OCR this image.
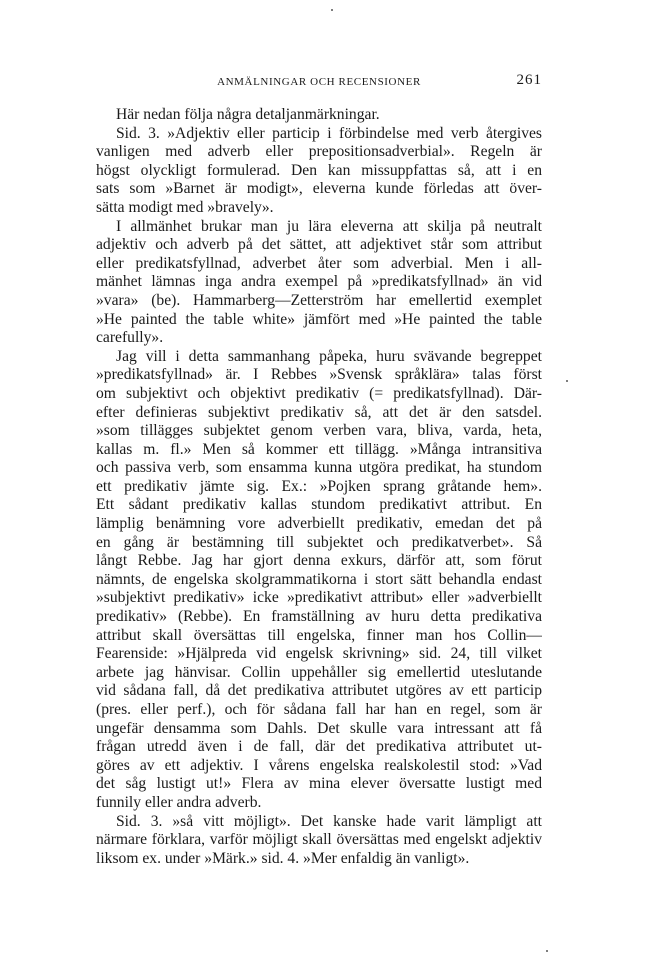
ANMÄLNINGAR OCH RECENSIONER	261

Här nedan följa några detaljanmärkningar.

Sid. 3. »Adjektiv eller particip i förbindelse med verb återgives
vanligen med adverb eller prepositionsadverbial». Regeln är
högst olyckligt formulerad. Den kan missuppfattas så, att i en
sats som »Barnet är modigt», eleverna kunde förledas att över-
sätta modigt med »bravely».

I allmänhet brukar man ju lära eleverna att skilja på neutralt
adjektiv och adverb på det sättet, att adjektivet står som attribut
eller predikatsfyllnad, adverbet åter som adverbial. Men i all-
mänhet lämnas inga andra exempel på »predikatsfyllnad» än vid
»vara» (be). Hammarberg—Zetterström har emellertid exemplet
»He painted the table white» jämfört med »He painted the table
carefully».

Jag vill i detta sammanhang påpeka, huru svävande begreppet
»predikatsfyllnad» är. I Rebbes »Svensk språklära» talas först
om subjektivt och objektivt predikativ (= predikatsfyllnad). Där-
efter definieras subjektivt predikativ så, att det är den satsdel.
»som tillägges subjektet genom verben vara, bliva, varda, heta,
kallas m. fl.» Men så kommer ett tillägg. »Många intransitiva
och passiva verb, som ensamma kunna utgöra predikat, ha stundom
ett predikativ jämte sig. Ex.: »Pojken sprang gråtande hem».
Ett sådant predikativ kallas stundom predikativt attribut. En
lämplig benämning vore adverbiellt predikativ, emedan det på
en gång är bestämning till subjektet och predikatverbet». Så
långt Rebbe. Jag har gjort denna exkurs, därför att, som förut
nämnts, de engelska skolgrammatikorna i stort sätt behandla endast
»subjektivt predikativ» icke »predikativt attribut» eller »adverbiellt
predikativ» (Rebbe). En framställning av huru detta predikativa
attribut skall översättas till engelska, finner man hos Collin—
Fearenside: »Hjälpreda vid engelsk skrivning» sid. 24, till vilket
arbete jag hänvisar. Collin uppehåller sig emellertid uteslutande
vid sådana fall, då det predikativa attributet utgöres av ett particip
(pres. eller perf.), och för sådana fall har han en regel, som är
ungefär densamma som Dahls. Det skulle vara intressant att få
frågan utredd även i de fall, där det predikativa attributet ut-
göres av ett adjektiv. I vårens engelska realskolestil stod: »Vad
det såg lustigt ut!» Flera av mina elever översatte lustigt med
funnily eller andra adverb.

Sid. 3. »så vitt möjligt». Det kanske hade varit lämpligt att
närmare förklara, varför möjligt skall översättas med engelskt adjektiv
liksom ex. under »Märk.» sid. 4. »Mer enfaldig än vanligt».
